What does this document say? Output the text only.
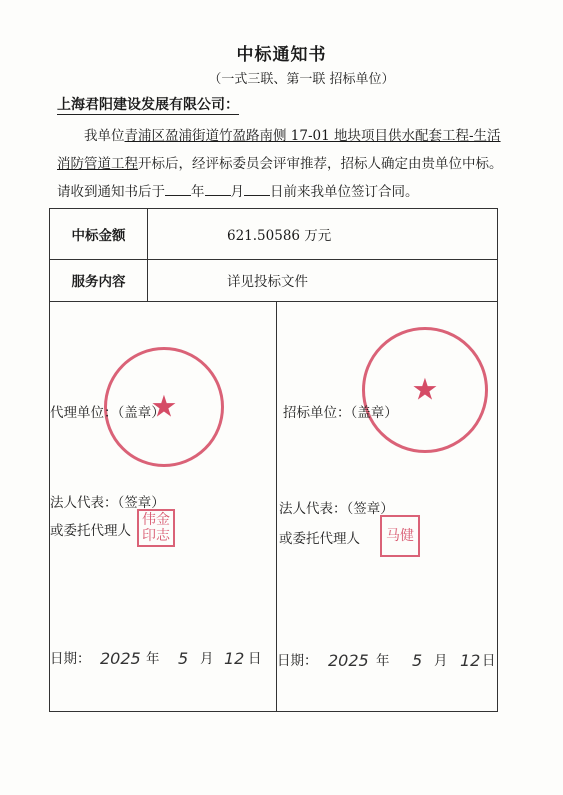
中标通知书
（一式三联、第一联 招标单位）
上海君阳建设发展有限公司：
我单位青浦区盈浦街道竹盈路南侧 17-01 地块项目供水配套工程-生活消防管道工程开标后，经评标委员会评审推荐，招标人确定由贵单位中标。请收到通知书后于 年 月 日前来我单位签订合同。
中标金额	621.50586 万元
服务内容	详见投标文件
★
代理单位：（盖章）
法人代表：（签章）
或委托代理人
伟金印志
日期： 2025 年 5 月 12 日
★
招标单位：（盖章）
法人代表：（签章）
或委托代理人	马健
日期： 2025 年 5 月 12 日
